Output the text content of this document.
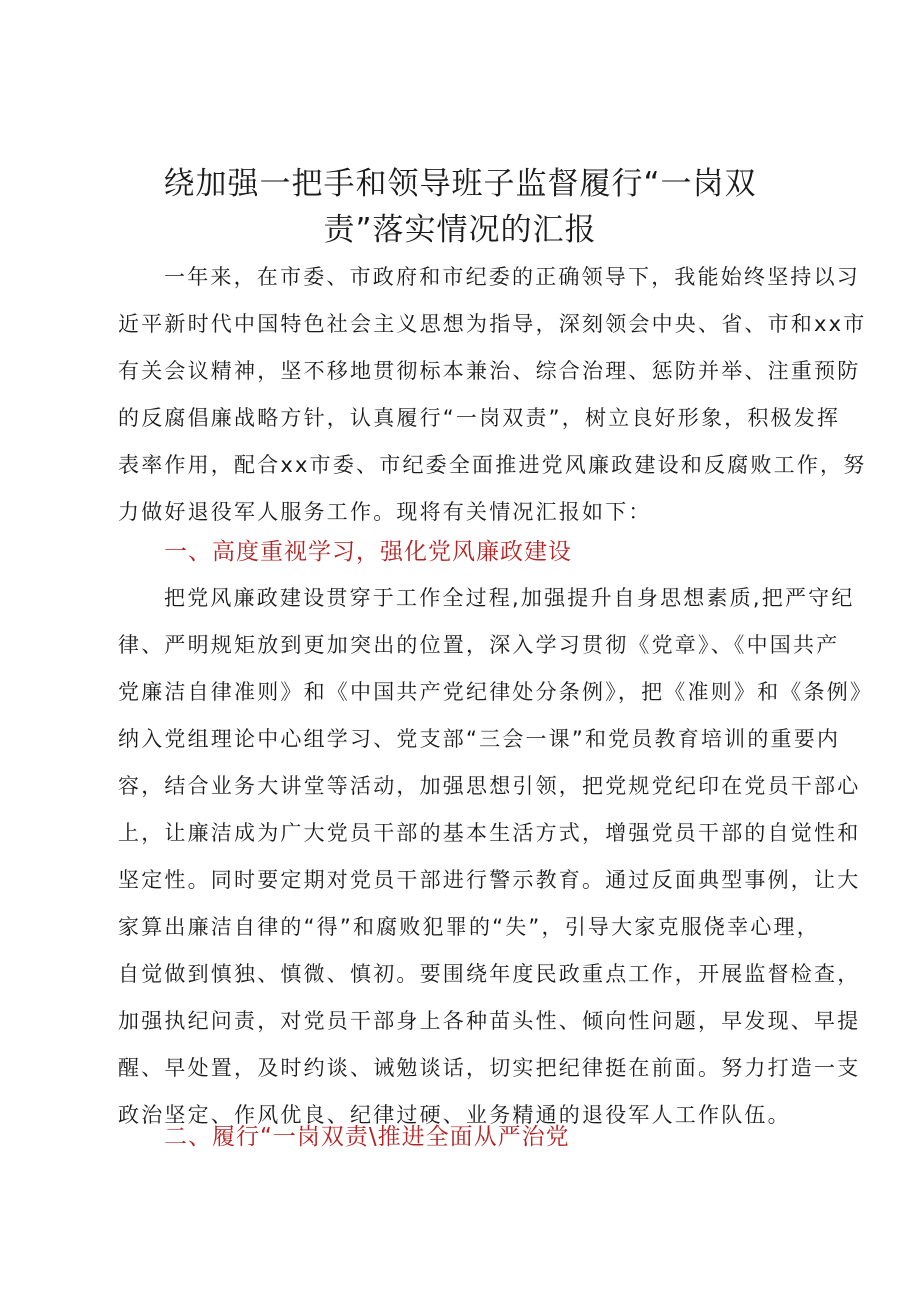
绕加强一把手和领导班子监督履行“一岗双
责”落实情况的汇报
一年来，在市委、市政府和市纪委的正确领导下，我能始终坚持以习
近平新时代中国特色社会主义思想为指导，深刻领会中央、省、市和xx市
有关会议精神，坚不移地贯彻标本兼治、综合治理、惩防并举、注重预防
的反腐倡廉战略方针，认真履行“一岗双责”，树立良好形象，积极发挥
表率作用，配合xx市委、市纪委全面推进党风廉政建设和反腐败工作，努
力做好退役军人服务工作。现将有关情况汇报如下：
一、高度重视学习，强化党风廉政建设
把党风廉政建设贯穿于工作全过程,加强提升自身思想素质,把严守纪
律、严明规矩放到更加突出的位置，深入学习贯彻《党章》、《中国共产
党廉洁自律准则》和《中国共产党纪律处分条例》，把《准则》和《条例》
纳入党组理论中心组学习、党支部“三会一课”和党员教育培训的重要内
容，结合业务大讲堂等活动，加强思想引领，把党规党纪印在党员干部心
上，让廉洁成为广大党员干部的基本生活方式，增强党员干部的自觉性和
坚定性。同时要定期对党员干部进行警示教育。通过反面典型事例，让大
家算出廉洁自律的“得”和腐败犯罪的“失”，引导大家克服侥幸心理，
自觉做到慎独、慎微、慎初。要围绕年度民政重点工作，开展监督检查，
加强执纪问责，对党员干部身上各种苗头性、倾向性问题，早发现、早提
醒、早处置，及时约谈、诫勉谈话，切实把纪律挺在前面。努力打造一支
政治坚定、作风优良、纪律过硬、业务精通的退役军人工作队伍。
二、履行“一岗双责\推进全面从严治党
